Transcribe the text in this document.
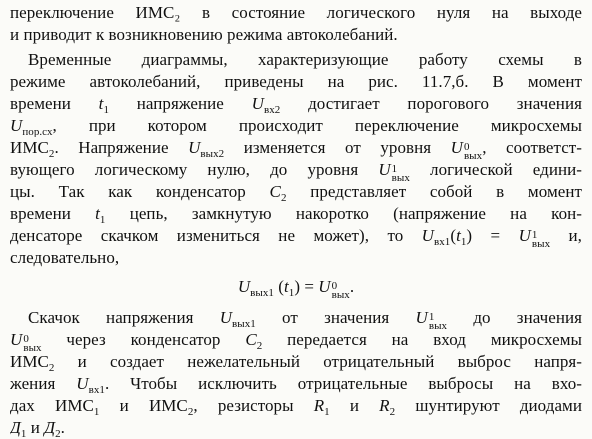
переключение ИМС₂ в состояние логического нуля на выходе
и приводит к возникновению режима автоколебаний.
Временные диаграммы, характеризующие работу схемы в
режиме автоколебаний, приведены на рис. 11.7,б. В момент
времени $t_1$ напряжение $U_{вх2}$ достигает порогового значения
$U_{пор.сх}$, при котором происходит переключение микросхемы
$ИМС_2$. Напряжение $U_{вых2}$ изменяется от уровня U 0
вых , соответст-
вующего логическому нулю, до уровня U 1
вых логической едини-
цы. Так как конденсатор $C_2$ представляет собой в момент
времени $t_1$ цепь, замкнутую накоротко (напряжение на кон-
денсаторе скачком измениться не может), то $U_{вх1}(t_1) = U$ 1
вых и,
следовательно,
$U_{вых1}$ $(t_1) = U$ 0
вых .
Скачок напряжения $U_{вых1}$ от значения U 1
вых до значения
U 0
вых через конденсатор $C_2$ передается на вход микросхемы
$ИМС_2$ и создает нежелательный отрицательный выброс напря-
жения $U_{вх1}$. Чтобы исключить отрицательные выбросы на вхо-
дах $ИМС_1$ и $ИМС_2$, резисторы $R_1$ и $R_2$ шунтируют диодами
$Д_1$ и $Д_2$.
